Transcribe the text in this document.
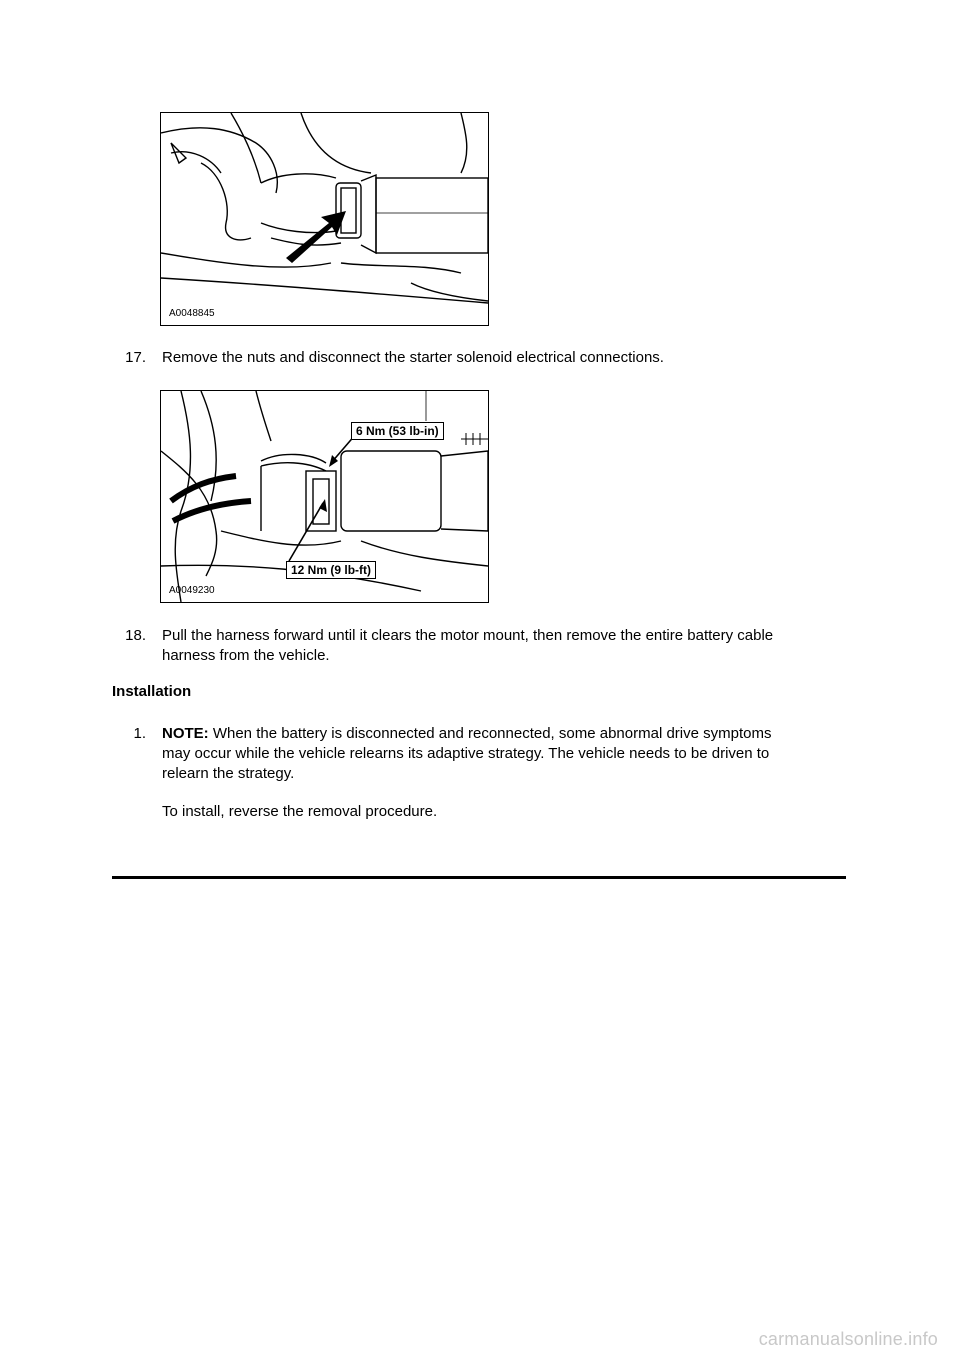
A0048845
17. Remove the nuts and disconnect the starter solenoid electrical connections.
6 Nm (53 lb-in)
12 Nm (9 lb-ft)
A0049230
18. Pull the harness forward until it clears the motor mount, then remove the entire battery cable
harness from the vehicle.
Installation
1. NOTE: When the battery is disconnected and reconnected, some abnormal drive symptoms
may occur while the vehicle relearns its adaptive strategy. The vehicle needs to be driven to
relearn the strategy.
To install, reverse the removal procedure.
carmanualsonline.info
